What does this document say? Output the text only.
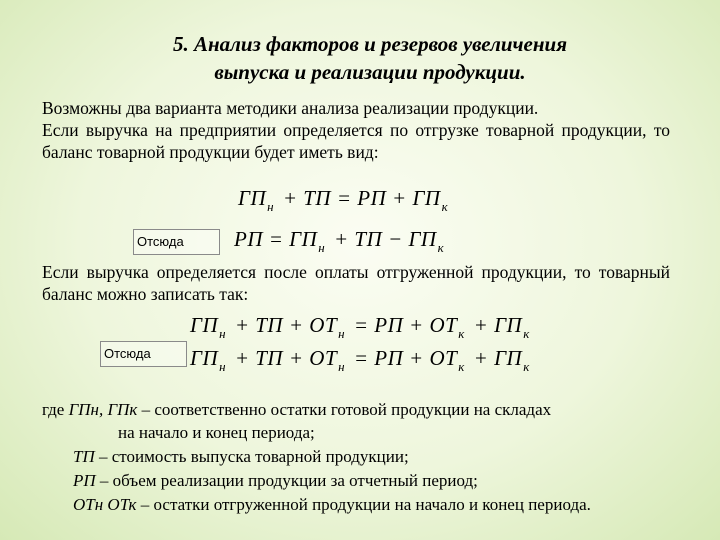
5. Анализ факторов и резервов увеличения
выпуска и реализации продукции.
Возможны два варианта методики анализа реализации продукции.
Если выручка на предприятии определяется по отгрузке товарной продукции, то баланс товарной продукции будет иметь вид:
$ГП_н$ + ТП = РП + $ГП_к$
Отсюда	РП = $ГП_н$ + ТП − $ГП_к$
Если выручка определяется после оплаты отгруженной продукции, то товарный баланс можно записать так:
$ГП_н$ + ТП + $ОТ_н$ = РП + $ОТ_к + ГП_к$
Отсюда	$ГП_н$ + ТП + $ОТ_н$ = РП + $ОТ_к + ГП_к$
где ГПн, ГПк – соответственно остатки готовой продукции на складах
на начало и конец периода;
ТП – стоимость выпуска товарной продукции;
РП – объем реализации продукции за отчетный период;
ОТн ОТк – остатки отгруженной продукции на начало и конец периода.
